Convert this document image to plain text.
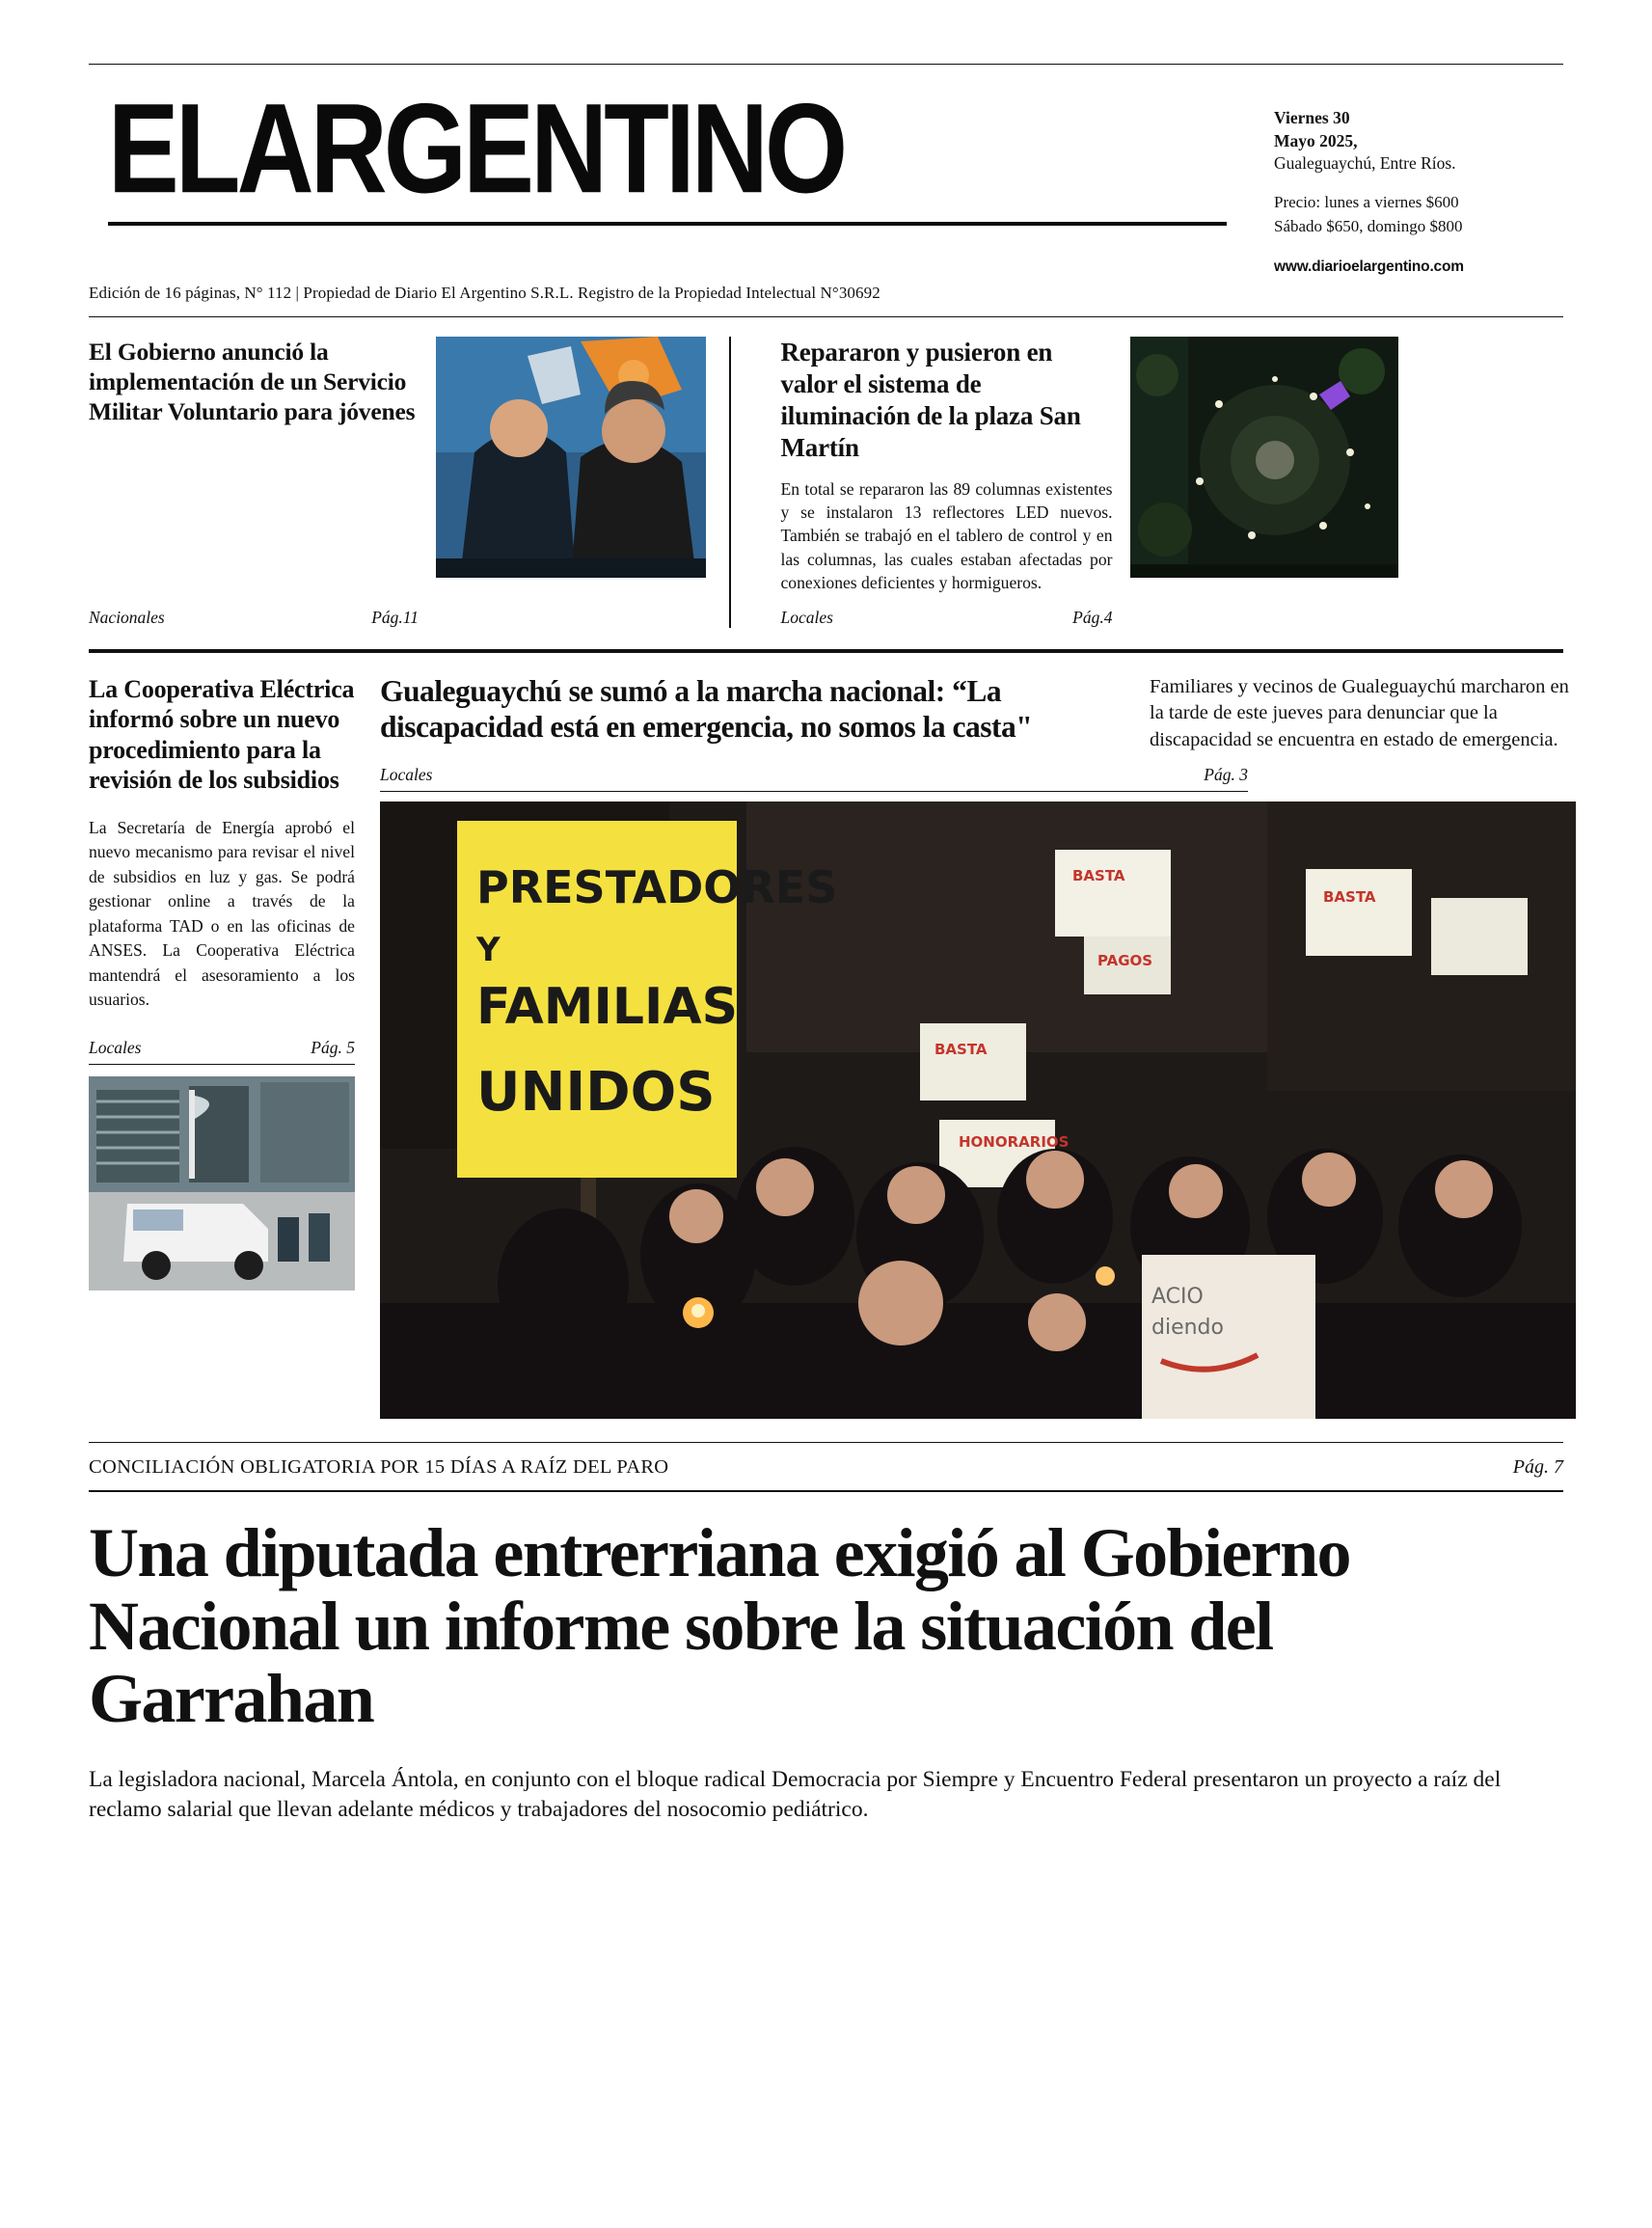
ELARGENTINO	Viernes 30
Mayo 2025,
Gualeguaychú, Entre Ríos.
Precio: lunes a viernes $600
Sábado $650, domingo $800
www.diarioelargentino.com
Edición de 16 páginas, N° 112 | Propiedad de Diario El Argentino S.R.L. Registro de la Propiedad Intelectual N°30692
El Gobierno anunció la implementación de un Servicio Militar Voluntario para jóvenes
Nacionales	Pág.11
Repararon y pusieron en valor el sistema de iluminación de la plaza San Martín
En total se repararon las 89 columnas existentes y se instalaron 13 reflectores LED nuevos. También se trabajó en el tablero de control y en las columnas, las cuales estaban afectadas por conexiones deficientes y hormigueros.
Locales	Pág.4
La Cooperativa Eléctrica informó sobre un nuevo procedimiento para la revisión de los subsidios
La Secretaría de Energía aprobó el nuevo mecanismo para revisar el nivel de subsidios en luz y gas. Se podrá gestionar online a través de la plataforma TAD o en las oficinas de ANSES. La Cooperativa Eléctrica mantendrá el asesoramiento a los usuarios.
Locales	Pág. 5
Gualeguaychú se sumó a la marcha nacional: “La discapacidad está en emergencia, no somos la casta"
Familiares y vecinos de Gualeguaychú marcharon en la tarde de este jueves para denunciar que la discapacidad se encuentra en estado de emergencia.
Locales	Pág. 3
PRESTADORES
Y
FAMILIAS
UNIDOS
BASTA
BASTA
PAGOS
HONORARIOS
BASTA
ACIO
diendo
CONCILIACIÓN OBLIGATORIA POR 15 DÍAS A RAÍZ DEL PARO	Pág. 7
Una diputada entrerriana exigió al Gobierno Nacional un informe sobre la situación del Garrahan
La legisladora nacional, Marcela Ántola, en conjunto con el bloque radical Democracia por Siempre y Encuentro Federal presentaron un proyecto a raíz del reclamo salarial que llevan adelante médicos y trabajadores del nosocomio pediátrico.
